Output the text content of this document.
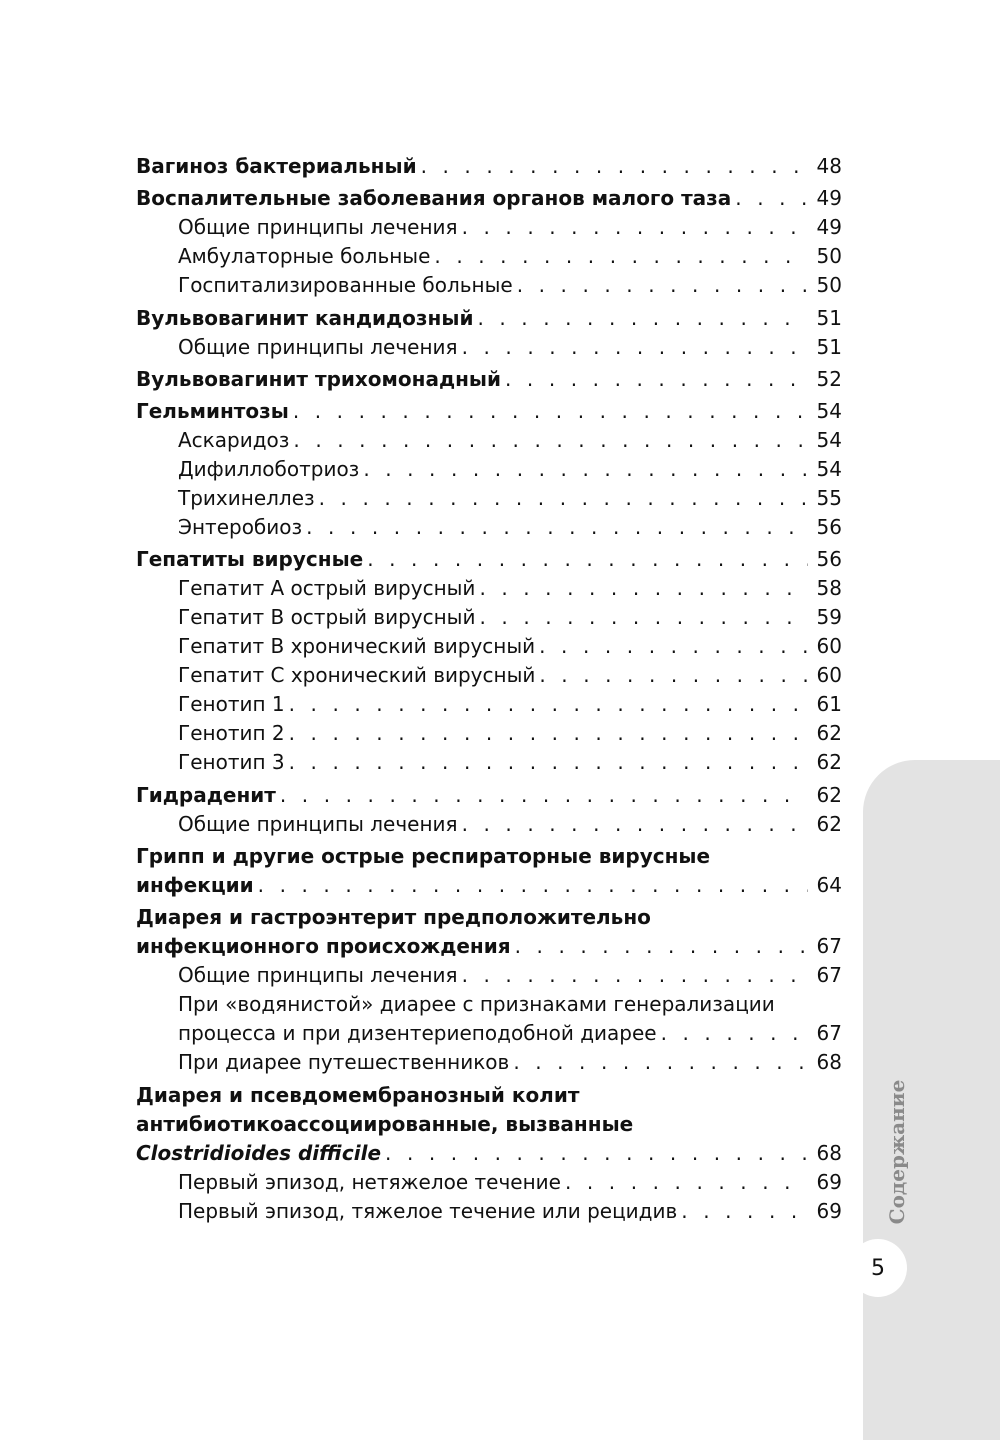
Вагиноз бактериальный . . .	48
Воспалительные заболевания органов малого таза . . .	49
Общие принципы лечения . . .	49
Амбулаторные больные . . .	50
Госпитализированные больные . . .	50
Вульвовагинит кандидозный . . .	51
Общие принципы лечения . . .	51
Вульвовагинит трихомонадный . . .	52
Гельминтозы . . .	54
Аскаридоз . . .	54
Дифиллоботриоз . . .	54
Трихинеллез . . .	55
Энтеробиоз . . .	56
Гепатиты вирусные . . .	56
Гепатит А острый вирусный . . .	58
Гепатит В острый вирусный . . .	59
Гепатит В хронический вирусный . . .	60
Гепатит С хронический вирусный . . .	60
Генотип 1 . . .	61
Генотип 2 . . .	62
Генотип 3 . . .	62
Гидраденит . . .	62
Общие принципы лечения . . .	62
Грипп и другие острые респираторные вирусные
инфекции . . .	64
Диарея и гастроэнтерит предположительно
инфекционного происхождения . . .	67
Общие принципы лечения . . .	67
При «водянистой» диарее с признаками генерализации
процесса и при дизентериеподобной диарее . . .	67
При диарее путешественников . . .	68
Диарея и псевдомембранозный колит
антибиотикоассоциированные, вызванные
Clostridioides difficile . . .	68
Первый эпизод, нетяжелое течение . . .	69
Первый эпизод, тяжелое течение или рецидив . . .	69 Содержание
5
